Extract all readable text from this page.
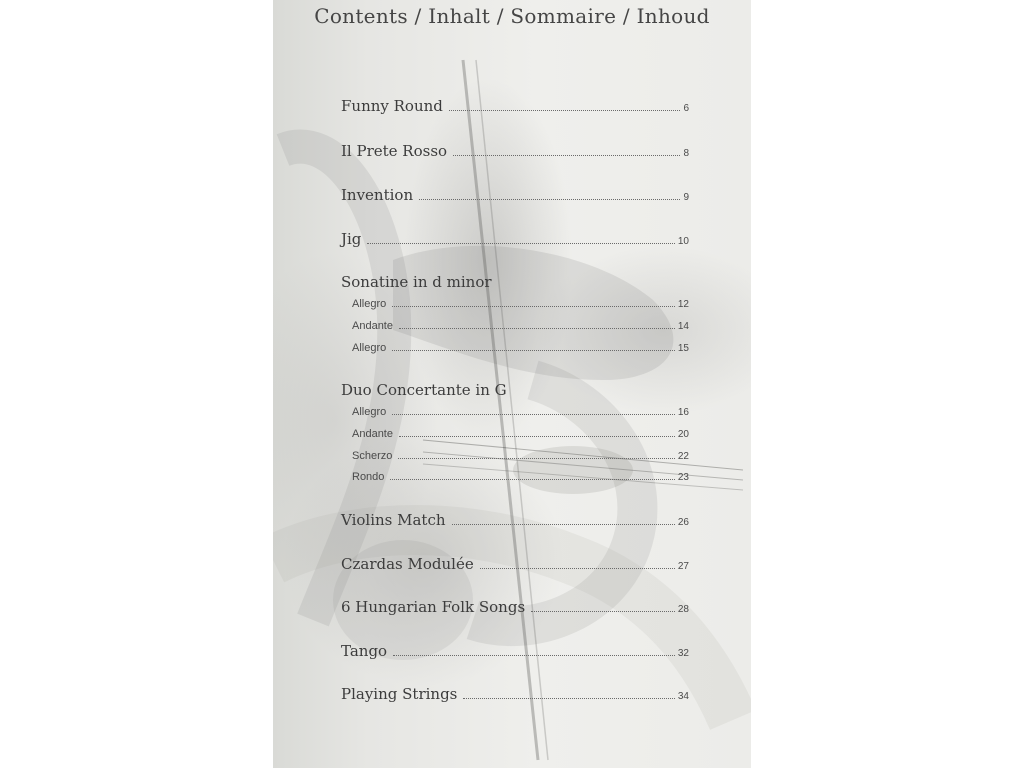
Contents / Inhalt / Sommaire / Inhoud
Funny Round	6
Il Prete Rosso	8
Invention	9
Jig	10
Sonatine in d minor
Allegro	12
Andante	14
Allegro	15
Duo Concertante in G
Allegro	16
Andante	20
Scherzo	22
Rondo	23
Violins Match	26
Czardas Modulée	27
6 Hungarian Folk Songs	28
Tango	32
Playing Strings	34
